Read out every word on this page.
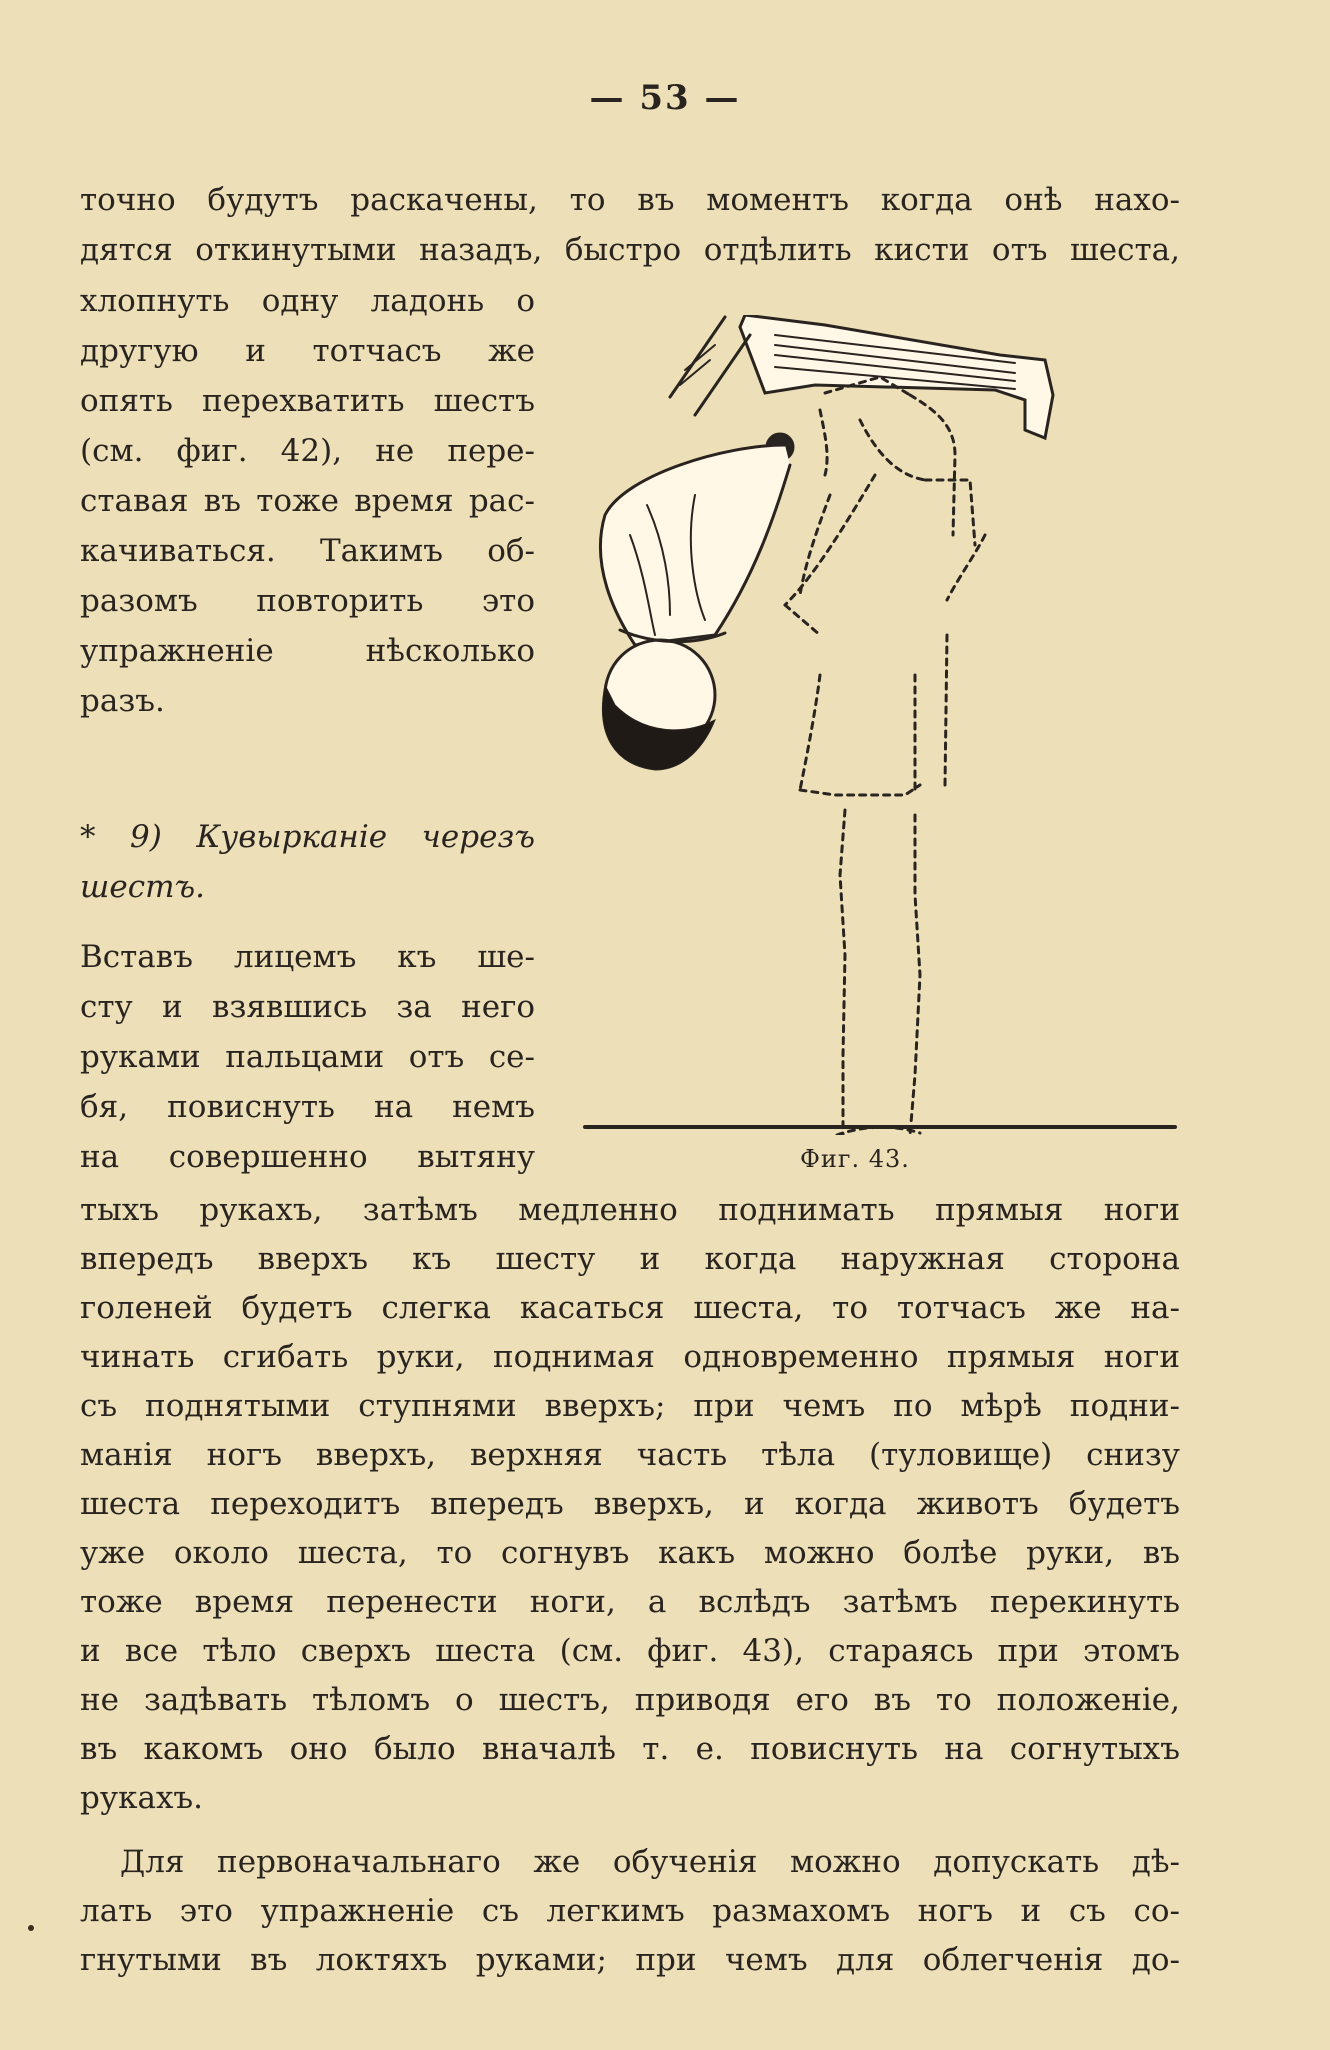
— 53 —
точно будутъ раскачены, то въ моментъ когда онѣ нахо-
дятся откинутыми назадъ, быстро отдѣлить кисти отъ шеста,
хлопнуть одну ладонь о
другую и тотчасъ же
опять перехватить шестъ
(см. фиг. 42), не пере-
ставая въ тоже время рас-
качиваться. Такимъ об-
разомъ повторить это
упражненіе нѣсколько
разъ.
* 9) Кувырканіе черезъ
шестъ.
Вставъ лицемъ къ ше-
сту и взявшись за него
руками пальцами отъ се-
бя, повиснуть на немъ
на совершенно вытяну	Фиг. 43.
тыхъ рукахъ, затѣмъ медленно поднимать прямыя ноги
впередъ вверхъ къ шесту и когда наружная сторона
голеней будетъ слегка касаться шеста, то тотчасъ же на-
чинать сгибать руки, поднимая одновременно прямыя ноги
съ поднятыми ступнями вверхъ; при чемъ по мѣрѣ подни-
манія ногъ вверхъ, верхняя часть тѣла (туловище) снизу
шеста переходитъ впередъ вверхъ, и когда животъ будетъ
уже около шеста, то согнувъ какъ можно болѣе руки, въ
тоже время перенести ноги, а вслѣдъ затѣмъ перекинуть
и все тѣло сверхъ шеста (см. фиг. 43), стараясь при этомъ
не задѣвать тѣломъ о шестъ, приводя его въ то положеніе,
въ какомъ оно было вначалѣ т. е. повиснуть на согнутыхъ
рукахъ.
Для первоначальнаго же обученія можно допускать дѣ-
лать это упражненіе съ легкимъ размахомъ ногъ и съ со-
гнутыми въ локтяхъ руками; при чемъ для облегченія до-
